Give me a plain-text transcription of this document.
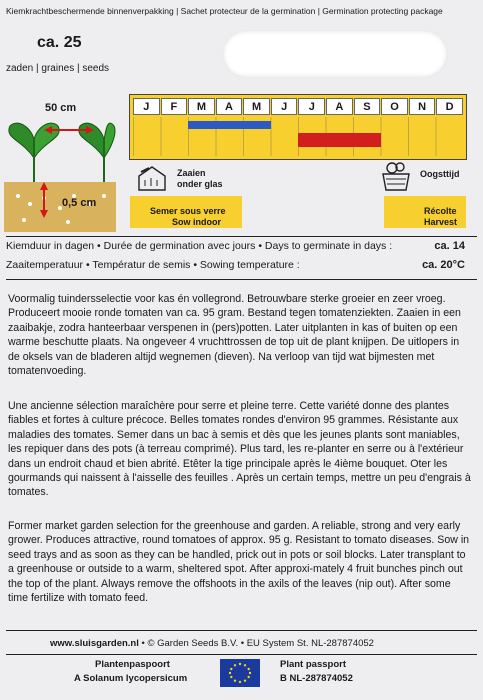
Kiemkrachtbeschermende binnenverpakking | Sachet protecteur de la germination | Germination protecting package
ca. 25
zaden | graines | seeds
50 cm
0,5 cm
J	F	M	A	M	J	J	A	S	O	N	D
Zaaien
onder glas
Semer sous verre
Sow indoor
Oogsttijd
Récolte
Harvest
Kiemduur in dagen • Durée de germination avec jours • Days to germinate in days :	ca. 14
Zaaitemperatuur • Températur de semis • Sowing temperature :	ca. 20°C
Voormalig tuindersselectie voor kas én vollegrond. Betrouwbare sterke groeier en zeer vroeg. Produceert mooie ronde tomaten van ca. 95 gram. Bestand tegen tomatenziekten. Zaaien in een zaaibakje, zodra hanteerbaar verspenen in (pers)potten. Later uitplanten in kas of buiten op een warme beschutte plaats. Na ongeveer 4 vruchttrossen de top uit de plant knijpen. De uitlopers in de oksels van de bladeren altijd wegnemen (dieven). Na verloop van tijd wat bijmesten met tomatenvoeding.
Une ancienne sélection maraîchère pour serre et pleine terre. Cette variété donne des plantes fiables et fortes à culture précoce. Belles tomates rondes d'environ 95 grammes. Résistante aux maladies des tomates. Semer dans un bac à semis et dès que les jeunes plants sont maniables, les repiquer dans des pots (à terreau comprimé). Plus tard, les re-planter en serre ou à l'extérieur dans un endroit chaud et bien abrité. Etêter la tige principale après le 4ième bouquet. Oter les gourmands qui naissent à l'aisselle des feuilles . Après un certain temps, mettre un peu d'engrais à tomates.
Former market garden selection for the greenhouse and garden. A reliable, strong and very early grower. Produces attractive, round tomatoes of approx. 95 g. Resistant to tomato diseases. Sow in seed trays and as soon as they can be handled, prick out in pots or soil blocks. Later transplant to a greenhouse or outside to a warm, sheltered spot. After approxi-mately 4 fruit bunches pinch out the top of the plant. Always remove the offshoots in the axils of the leaves (nip out). After some time fertilize with tomato feed.
www.sluisgarden.nl • © Garden Seeds B.V. • EU System St. NL-287874052
Plantenpaspoort
A Solanum lycopersicum
Plant passport
B NL-287874052
